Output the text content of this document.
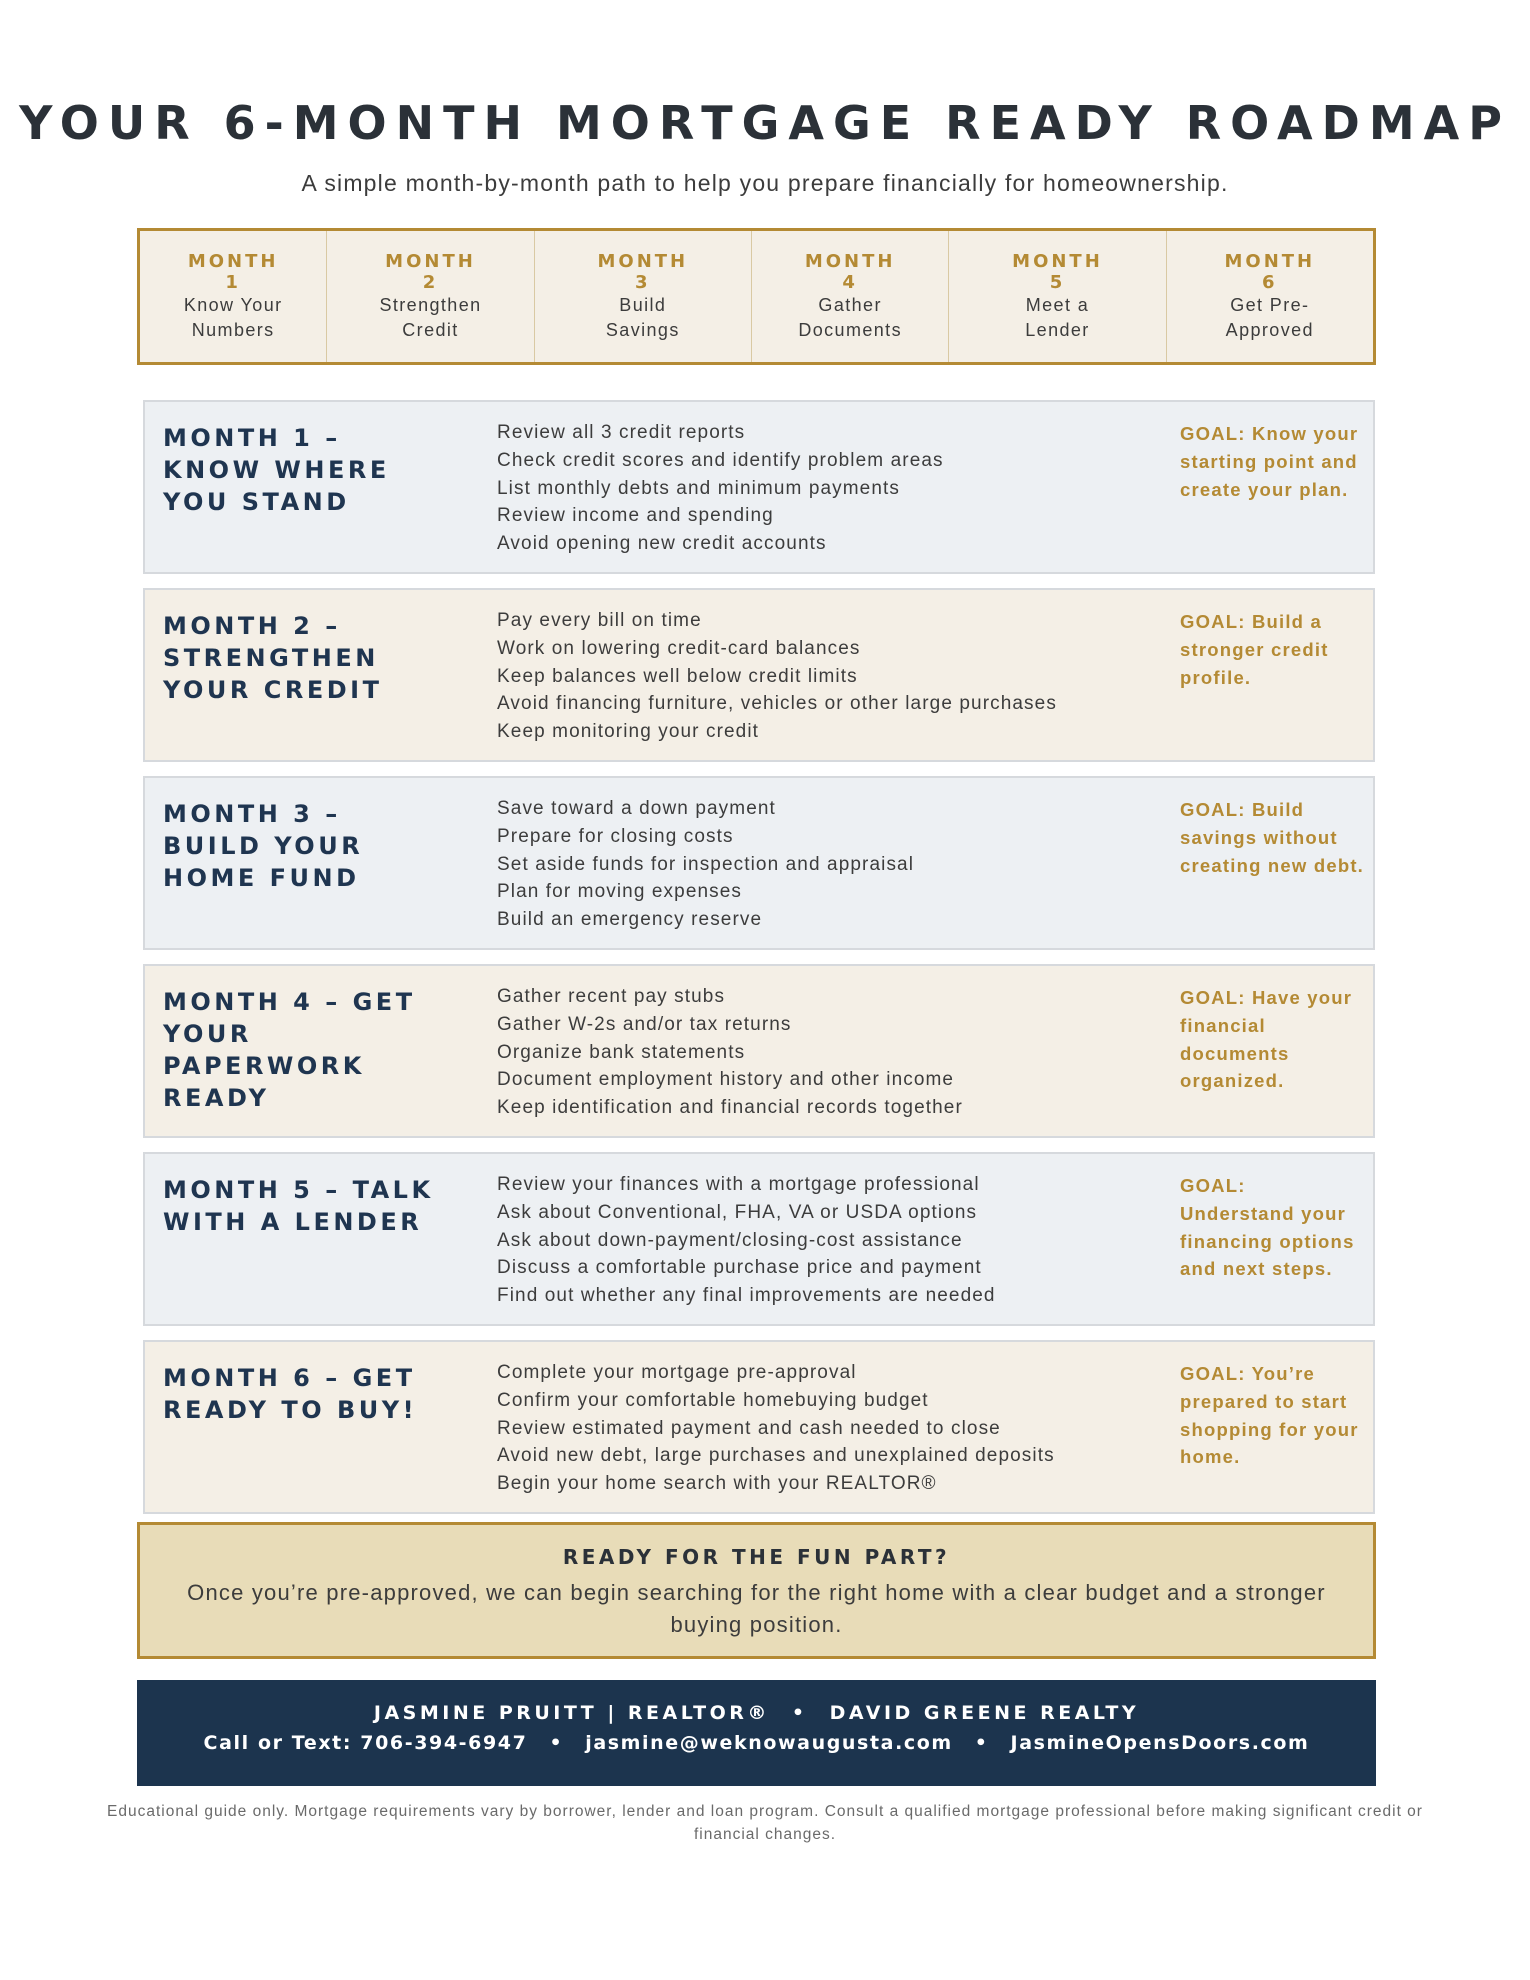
YOUR 6-MONTH MORTGAGE READY ROADMAP
A simple month-by-month path to help you prepare financially for homeownership.
MONTH 1
Know Your Numbers
MONTH 2
Strengthen Credit
MONTH 3
Build Savings
MONTH 4
Gather Documents
MONTH 5
Meet a Lender
MONTH 6
Get Pre-Approved
MONTH 1 – KNOW WHERE YOU STAND
Review all 3 credit reports
Check credit scores and identify problem areas
List monthly debts and minimum payments
Review income and spending
Avoid opening new credit accounts
GOAL: Know your starting point and create your plan.
MONTH 2 – STRENGTHEN YOUR CREDIT
Pay every bill on time
Work on lowering credit-card balances
Keep balances well below credit limits
Avoid financing furniture, vehicles or other large purchases
Keep monitoring your credit
GOAL: Build a stronger credit profile.
MONTH 3 – BUILD YOUR HOME FUND
Save toward a down payment
Prepare for closing costs
Set aside funds for inspection and appraisal
Plan for moving expenses
Build an emergency reserve
GOAL: Build savings without creating new debt.
MONTH 4 – GET YOUR PAPERWORK READY
Gather recent pay stubs
Gather W-2s and/or tax returns
Organize bank statements
Document employment history and other income
Keep identification and financial records together
GOAL: Have your financial documents organized.
MONTH 5 – TALK WITH A LENDER
Review your finances with a mortgage professional
Ask about Conventional, FHA, VA or USDA options
Ask about down-payment/closing-cost assistance
Discuss a comfortable purchase price and payment
Find out whether any final improvements are needed
GOAL: Understand your financing options and next steps.
MONTH 6 – GET READY TO BUY!
Complete your mortgage pre-approval
Confirm your comfortable homebuying budget
Review estimated payment and cash needed to close
Avoid new debt, large purchases and unexplained deposits
Begin your home search with your REALTOR®
GOAL: You’re prepared to start shopping for your home.
READY FOR THE FUN PART?
Once you’re pre-approved, we can begin searching for the right home with a clear budget and a stronger buying position.
JASMINE PRUITT | REALTOR® • DAVID GREENE REALTY
Call or Text: 706-394-6947 • jasmine@weknowaugusta.com • JasmineOpensDoors.com
Educational guide only. Mortgage requirements vary by borrower, lender and loan program. Consult a qualified mortgage professional before making significant credit or financial changes.
